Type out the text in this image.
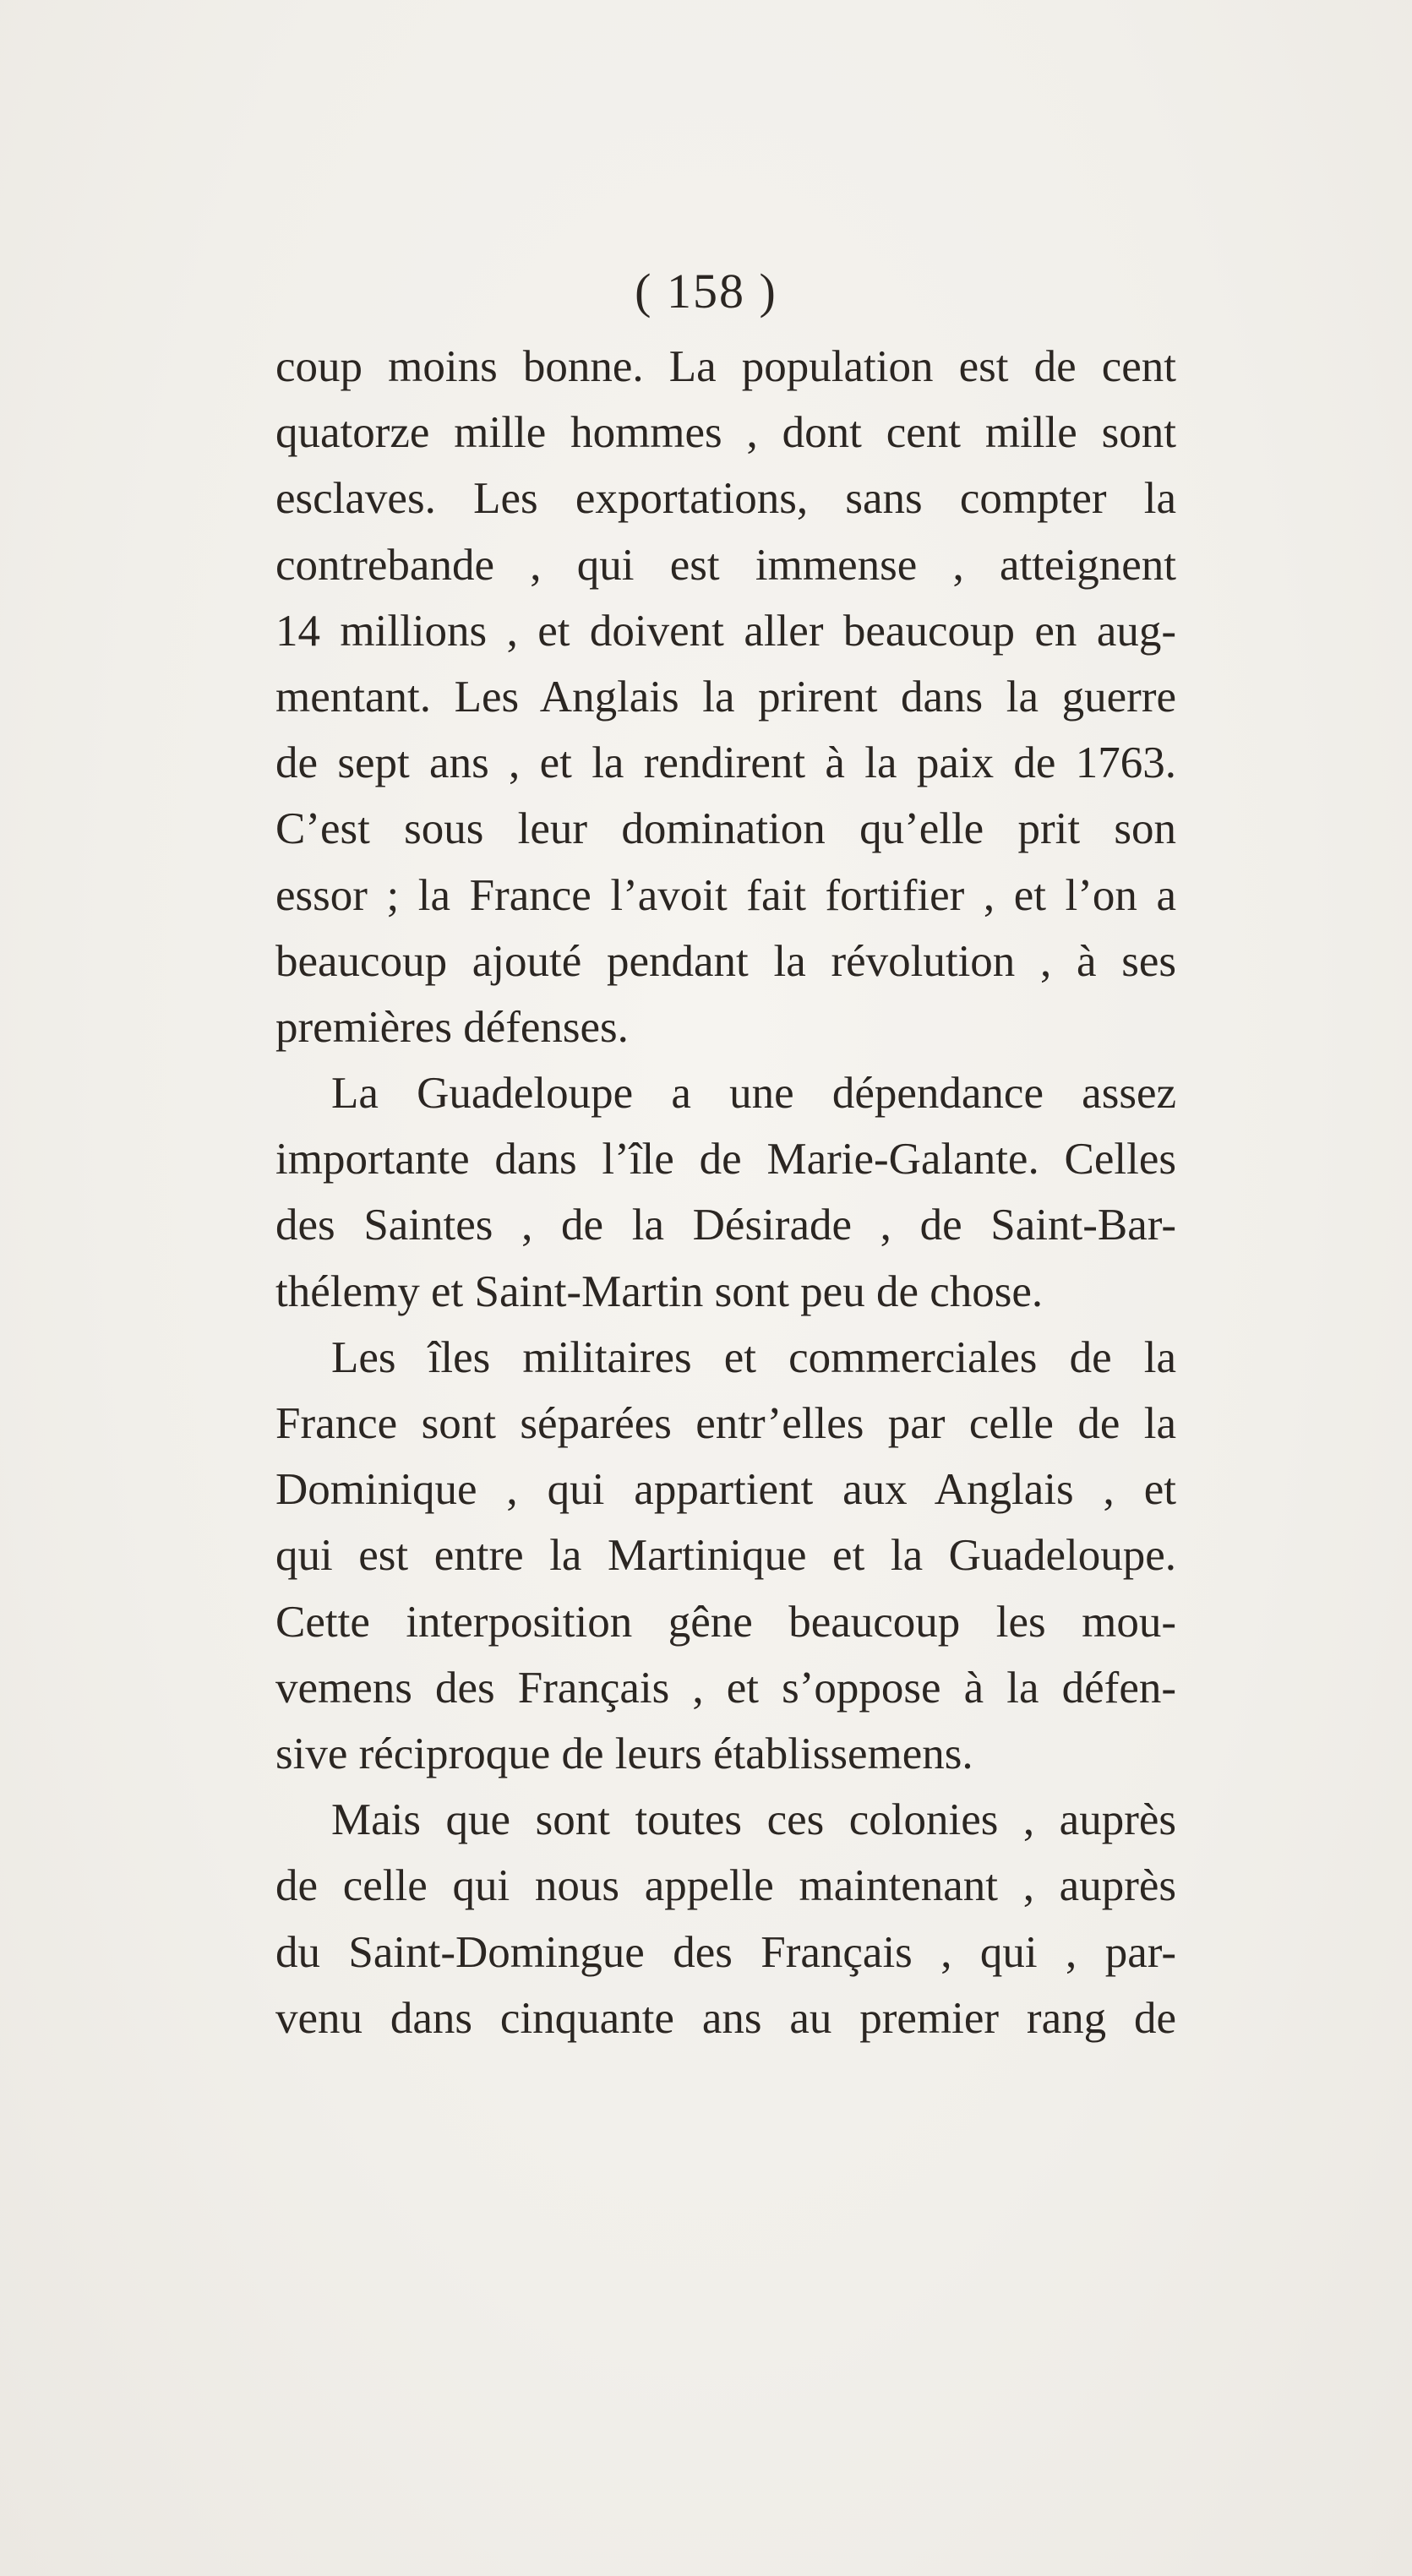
( 158 )
coup moins bonne. La population est de cent
quatorze mille hommes , dont cent mille sont
esclaves. Les exportations, sans compter la
contrebande , qui est immense , atteignent
14 millions , et doivent aller beaucoup en aug-
mentant. Les Anglais la prirent dans la guerre
de sept ans , et la rendirent à la paix de 1763.
C’est sous leur domination qu’elle prit son
essor ; la France l’avoit fait fortifier , et l’on a
beaucoup ajouté pendant la révolution , à ses
premières défenses.
La Guadeloupe a une dépendance assez
importante dans l’île de Marie-Galante. Celles
des Saintes , de la Désirade , de Saint-Bar-
thélemy et Saint-Martin sont peu de chose.
Les îles militaires et commerciales de la
France sont séparées entr’elles par celle de la
Dominique , qui appartient aux Anglais , et
qui est entre la Martinique et la Guadeloupe.
Cette interposition gêne beaucoup les mou-
vemens des Français , et s’oppose à la défen-
sive réciproque de leurs établissemens.
Mais que sont toutes ces colonies , auprès
de celle qui nous appelle maintenant , auprès
du Saint-Domingue des Français , qui , par-
venu dans cinquante ans au premier rang de
